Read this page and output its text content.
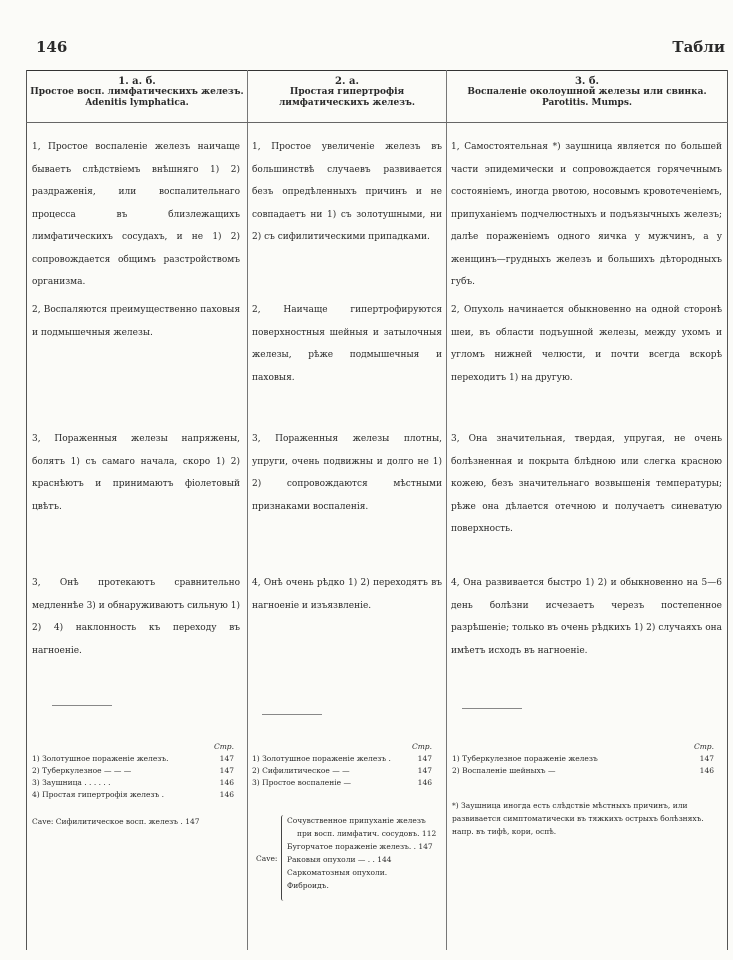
146	Табли
1. а. б.
Простое восп. лимфатическихъ железъ.
Adenitis lymphatica.
2. а.
Простая гипертрофія лимфатическихъ железъ.
3. б.
Воспаленіе околоушной железы или свинка.
Parotitis. Mumps.
1, Простое воспаленіе железъ наичаще бываетъ слѣдствіемъ внѣшняго 1) 2) раздраженія, или воспалительнаго процесса въ близлежащихъ лимфатическихъ сосудахъ, и не 1) 2) сопровождается общимъ разстройствомъ организма.
1, Простое увеличеніе железъ въ большинствѣ случаевъ развивается безъ опредѣленныхъ причинъ и не совпадаетъ ни 1) съ золотушными, ни 2) съ сифилитическими припадками.
1, Самостоятельная *) заушница является по большей части эпидемически и сопровождается горячечнымъ состояніемъ, иногда рвотою, носовымъ кровотеченіемъ, припуханіемъ подчелюстныхъ и подъязычныхъ железъ; далѣе пораженіемъ одного яичка у мужчинъ, а у женщинъ—грудныхъ железъ и большихъ дѣтородныхъ губъ.
2, Воспаляются преимущественно паховыя и подмышечныя железы.
2, Наичаще гипертрофируются поверхностныя шейныя и затылочныя железы, рѣже подмышечныя и паховыя.
2, Опухоль начинается обыкновенно на одной сторонѣ шеи, въ области подъушной железы, между ухомъ и угломъ нижней челюсти, и почти всегда вскорѣ переходитъ 1) на другую.
3, Пораженныя железы напряжены, болятъ 1) съ самаго начала, скоро 1) 2) краснѣютъ и принимаютъ фіолетовый цвѣтъ.
3, Пораженныя железы плотны, упруги, очень подвижны и долго не 1) 2) сопровождаются мѣстными признаками воспаленія.
3, Она значительная, твердая, упругая, не очень болѣзненная и покрыта блѣдною или слегка красною кожею, безъ значительнаго возвышенія температуры; рѣже она дѣлается отечною и получаетъ синеватую поверхность.
3, Онѣ протекаютъ сравнительно медленнѣе 3) и обнаруживаютъ сильную 1) 2) 4) наклонность къ переходу въ нагноеніе.
4, Онѣ очень рѣдко 1) 2) переходятъ въ нагноеніе и изъязвленіе.
4, Она развивается быстро 1) 2) и обыкновенно на 5—6 день болѣзни исчезаетъ черезъ постепенное разрѣшеніе; только въ очень рѣдкихъ 1) 2) случаяхъ она имѣетъ исходъ въ нагноеніе.
Стр.
1) Золотушное пораженіе железъ.	147
2) Туберкулезное — — —	147
3) Заушница . . . . . .	146
4) Простая гипертрофія железъ .	146
Cave: Сифилитическое восп. железъ . 147
Стр.
1) Золотушное пораженіе железъ .	147
2) Сифилитическое — —	147
3) Простое воспаленіе —	146
Cave:
Сочувственное припуханіе железъ
при восп. лимфатич. сосудовъ. 112
Бугорчатое пораженіе железъ. . 147
Раковыя опухоли — . . 144
Саркоматозныя опухоли.
Фиброидъ.
Стр.
1) Туберкулезное пораженіе железъ	147
2) Воспаленіе шейныхъ —	146
*) Заушница иногда есть слѣдствіе мѣстныхъ причинъ, или развивается симптоматически въ тяжкихъ острыхъ болѣзняхъ. напр. въ тифѣ, кори, оспѣ.
